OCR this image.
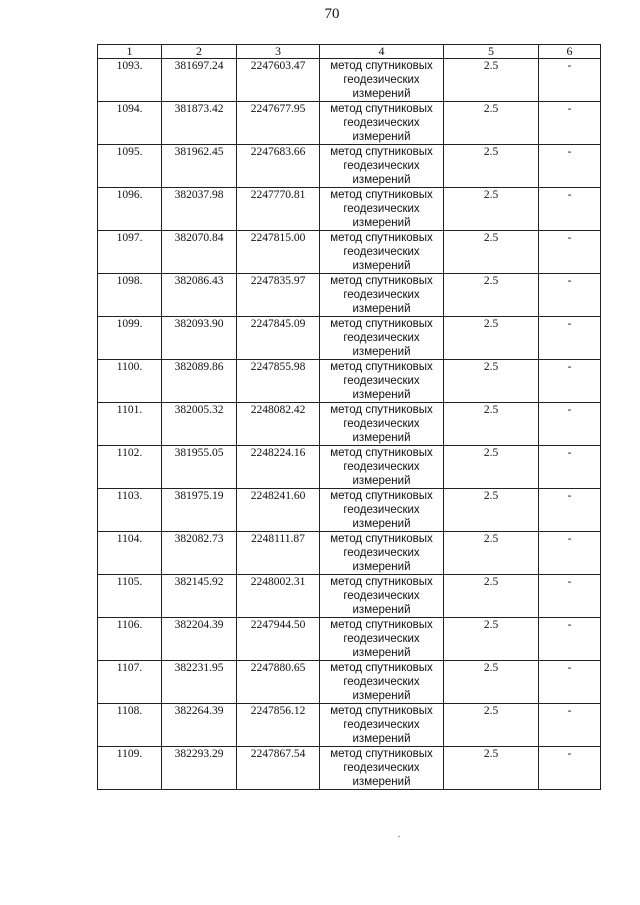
70
1	2	3	4	5	6
1093.	381697.24	2247603.47	метод спутниковых
геодезических
измерений	2.5	-
1094.	381873.42	2247677.95	метод спутниковых
геодезических
измерений	2.5	-
1095.	381962.45	2247683.66	метод спутниковых
геодезических
измерений	2.5	-
1096.	382037.98	2247770.81	метод спутниковых
геодезических
измерений	2.5	-
1097.	382070.84	2247815.00	метод спутниковых
геодезических
измерений	2.5	-
1098.	382086.43	2247835.97	метод спутниковых
геодезических
измерений	2.5	-
1099.	382093.90	2247845.09	метод спутниковых
геодезических
измерений	2.5	-
1100.	382089.86	2247855.98	метод спутниковых
геодезических
измерений	2.5	-
1101.	382005.32	2248082.42	метод спутниковых
геодезических
измерений	2.5	-
1102.	381955.05	2248224.16	метод спутниковых
геодезических
измерений	2.5	-
1103.	381975.19	2248241.60	метод спутниковых
геодезических
измерений	2.5	-
1104.	382082.73	2248111.87	метод спутниковых
геодезических
измерений	2.5	-
1105.	382145.92	2248002.31	метод спутниковых
геодезических
измерений	2.5	-
1106.	382204.39	2247944.50	метод спутниковых
геодезических
измерений	2.5	-
1107.	382231.95	2247880.65	метод спутниковых
геодезических
измерений	2.5	-
1108.	382264.39	2247856.12	метод спутниковых
геодезических
измерений	2.5	-
1109.	382293.29	2247867.54	метод спутниковых
геодезических
измерений	2.5	-
